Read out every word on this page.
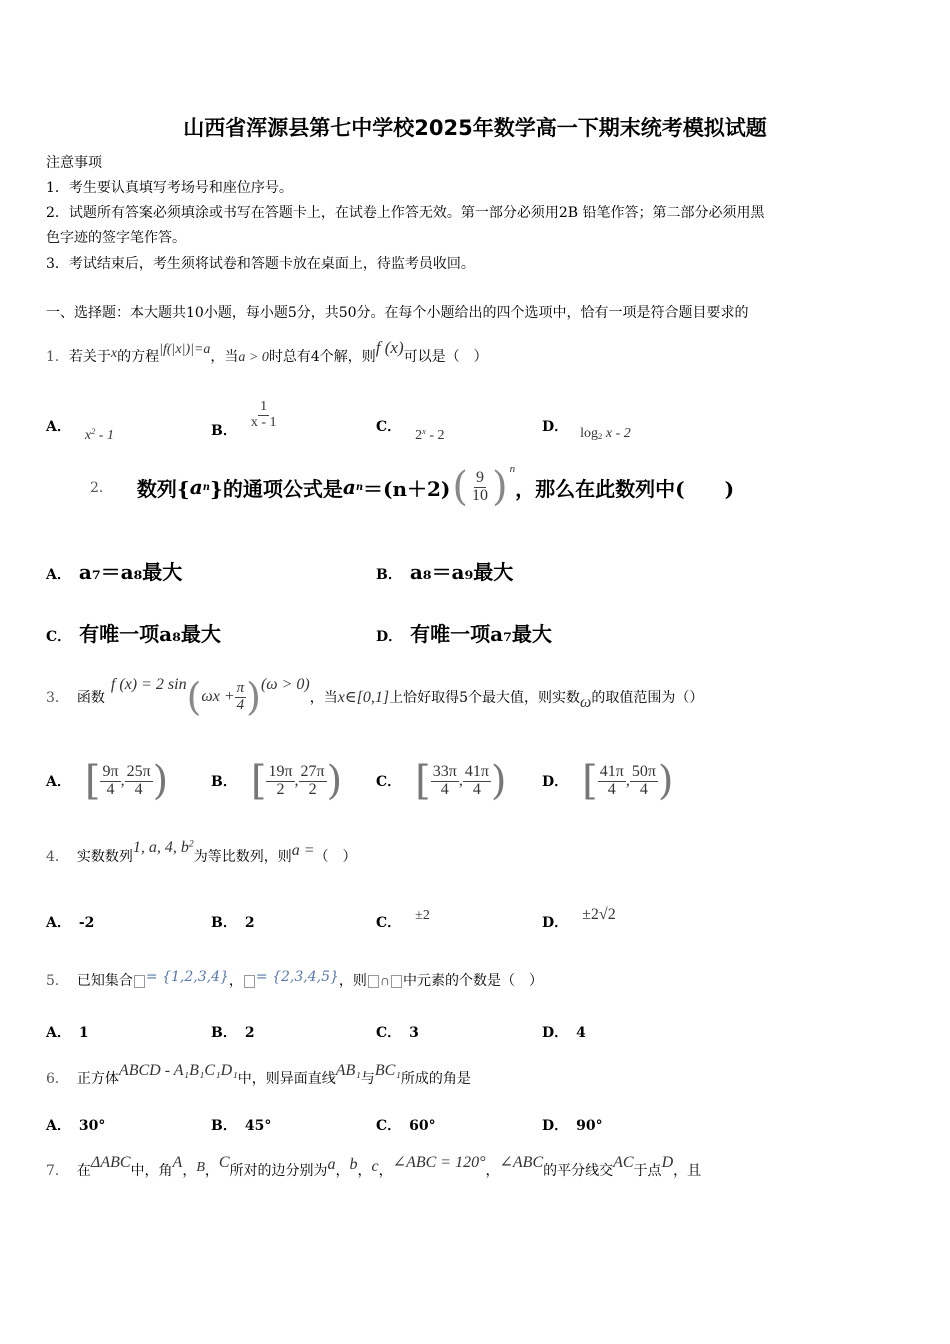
山西省浑源县第七中学校2025年数学高一下期末统考模拟试题
注意事项
1．考生要认真填写考场号和座位序号。
2．试题所有答案必须填涂或书写在答题卡上，在试卷上作答无效。第一部分必须用2B 铅笔作答；第二部分必须用黑
色字迹的签字笔作答。
3．考试结束后，考生须将试卷和答题卡放在桌面上，待监考员收回。
一、选择题：本大题共10小题，每小题5分，共50分。在每个小题给出的四个选项中，恰有一项是符合题目要求的
1．若关于x的方程|f(|x|)|=a，当a > 0时总有4个解，则f (x)可以是（　）
A．$x^2 - 1$	B．
$\frac{1}{x - 1}$	C．2$^x$ - 2
D． $\log_2 x - 2$
2． 数列{ a n }的通项公式是 a n ＝(n＋2) ( $\frac{9}{10}$ ) n
，那么在此数列中(　　)
A． a₇＝a₈最大	B． a₈＝a₉最大
C． 有唯一项a₈最大	D． 有唯一项a₇最大
3． 函数
f (x) = 2 sin ( $\omega x + \frac{\pi}{4}$ ) (ω > 0)
，当 x∈[0,1] 上恰好取得5个最大值，则实数 ω 的取值范围为（）
A． [ $\frac{9\pi}{4}$ , $\frac{25\pi}{4}$ )	B． [ $\frac{19\pi}{2}$ , $\frac{27\pi}{2}$ ) C． [ $\frac{33\pi}{4}$ , $\frac{41\pi}{4}$ )	D． [ $\frac{41\pi}{4}$ , $\frac{50\pi}{4}$ )
4． 实数数列1, a, 4, $b^2$为等比数列，则a =（　）
A． -2	B． 2	C． ±2	D． ±2√2
5． 已知集合 = {1,2,3,4}， = {2,3,4,5}，则 ∩ 中元素的个数是（　）
A． 1	B． 2	C． 3	D． 4
6． 正方体ABCD - A₁B₁C₁D₁中，则异面直线AB₁与BC₁所成的角是
A． 30°	B． 45°	C． 60°	D． 90°
7． 在ΔABC中，角A，B，C所对的边分别为a，b，c，∠ABC = 120°，∠ABC的平分线交AC于点D，且
